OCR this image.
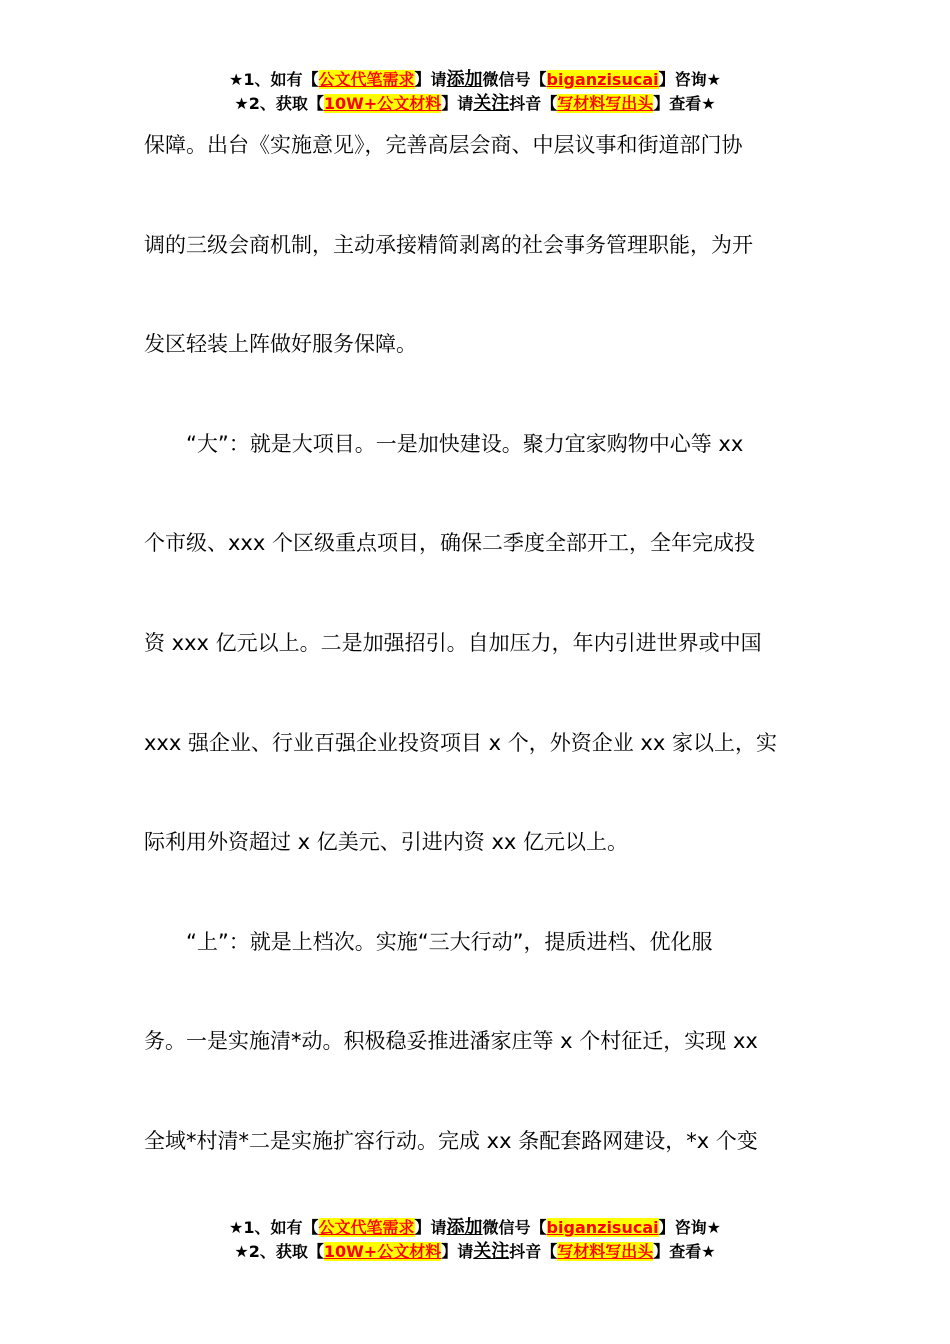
★1、如有【公文代笔需求】请添加微信号【biganzisucai】咨询★
★2、获取【10W+公文材料】请关注抖音【写材料写出头】查看★

保障。出台《实施意见》，完善高层会商、中层议事和街道部门协
调的三级会商机制，主动承接精简剥离的社会事务管理职能，为开
发区轻装上阵做好服务保障。

“大”：就是大项目。一是加快建设。聚力宜家购物中心等 xx
个市级、xxx 个区级重点项目，确保二季度全部开工，全年完成投
资 xxx 亿元以上。二是加强招引。自加压力，年内引进世界或中国
xxx 强企业、行业百强企业投资项目 x 个，外资企业 xx 家以上，实
际利用外资超过 x 亿美元、引进内资 xx 亿元以上。

“上”：就是上档次。实施“三大行动”，提质进档、优化服
务。一是实施清*动。积极稳妥推进潘家庄等 x 个村征迁，实现 xx
全域*村清*二是实施扩容行动。完成 xx 条配套路网建设，*x 个变

★1、如有【公文代笔需求】请添加微信号【biganzisucai】咨询★
★2、获取【10W+公文材料】请关注抖音【写材料写出头】查看★
